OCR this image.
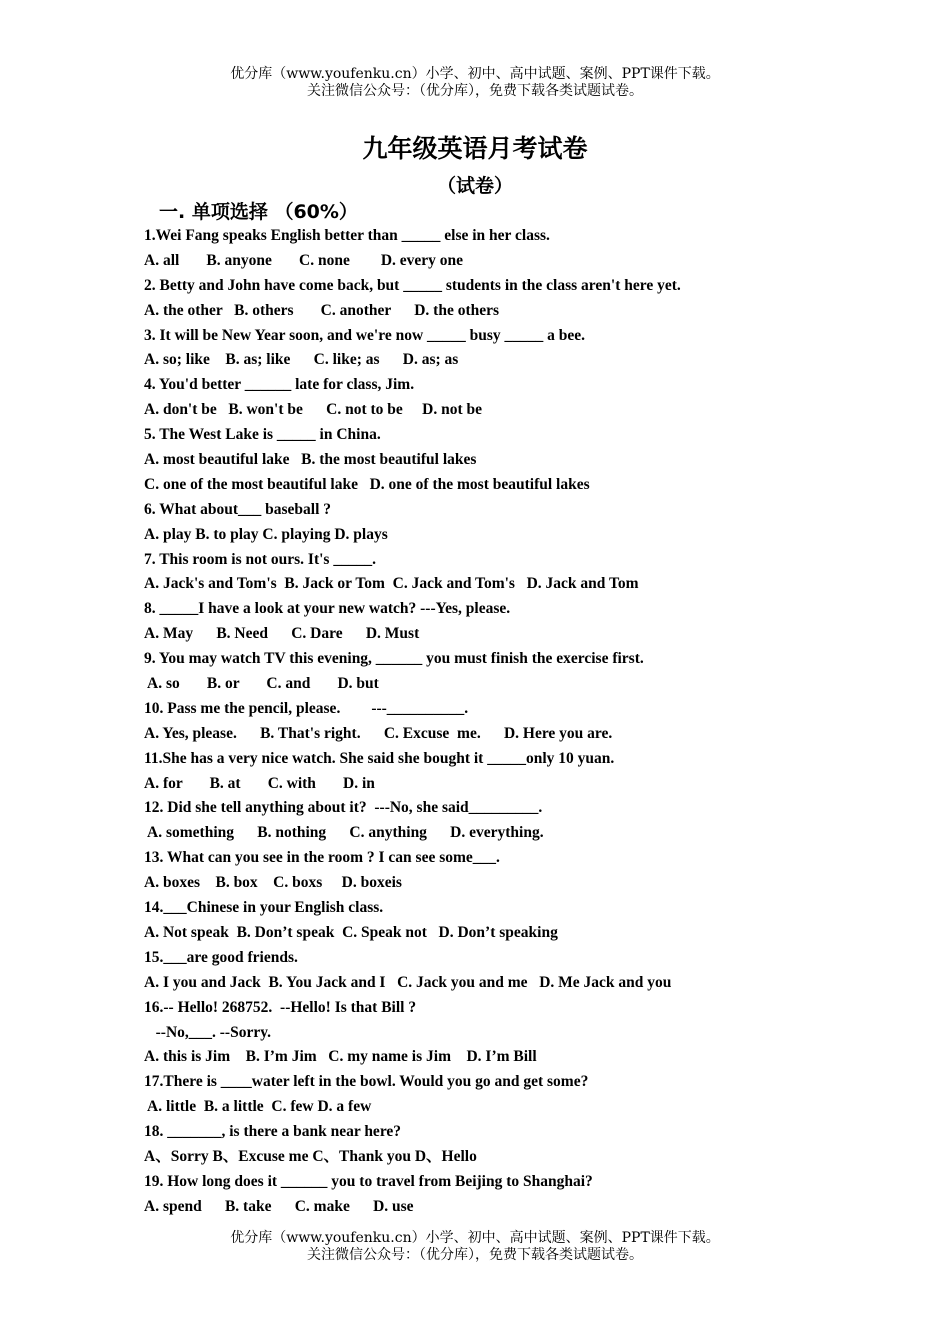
优分库（www.youfenku.cn）小学、初中、高中试题、案例、PPT课件下载。
关注微信公众号：（优分库），免费下载各类试题试卷。
九年级英语月考试卷
（试卷）
一. 单项选择 （60%）
1.Wei Fang speaks English better than _____ else in her class.
A. all       B. anyone       C. none        D. every one
2. Betty and John have come back, but _____ students in the class aren't here yet.
A. the other   B. others       C. another      D. the others
3. It will be New Year soon, and we're now _____ busy _____ a bee.
A. so; like    B. as; like      C. like; as      D. as; as
4. You'd better ______ late for class, Jim.
A. don't be   B. won't be      C. not to be     D. not be
5. The West Lake is _____ in China.
A. most beautiful lake   B. the most beautiful lakes
C. one of the most beautiful lake   D. one of the most beautiful lakes
6. What about___ baseball ?
A. play B. to play C. playing D. plays
7. This room is not ours. It's _____.
A. Jack's and Tom's  B. Jack or Tom  C. Jack and Tom's   D. Jack and Tom
8. _____I have a look at your new watch? ---Yes, please.
A. May      B. Need      C. Dare      D. Must
9. You may watch TV this evening, ______ you must finish the exercise first.
A. so       B. or       C. and       D. but
10. Pass me the pencil, please.        ---__________.
A. Yes, please.      B. That's right.      C. Excuse  me.      D. Here you are.
11.She has a very nice watch. She said she bought it _____only 10 yuan.
A. for       B. at       C. with       D. in
12. Did she tell anything about it?  ---No, she said_________.
A. something      B. nothing      C. anything      D. everything.
13. What can you see in the room ? I can see some___.
A. boxes    B. box    C. boxs     D. boxeis
14.___Chinese in your English class.
A. Not speak  B. Don’t speak  C. Speak not   D. Don’t speaking
15.___are good friends.
A. I you and Jack  B. You Jack and I   C. Jack you and me   D. Me Jack and you
16.-- Hello! 268752.  --Hello! Is that Bill ?
--No,___. --Sorry.
A. this is Jim    B. I’m Jim   C. my name is Jim    D. I’m Bill
17.There is ____water left in the bowl. Would you go and get some?
A. little  B. a little  C. few D. a few
18. _______, is there a bank near here?
A、Sorry B、Excuse me C、Thank you D、Hello
19. How long does it ______ you to travel from Beijing to Shanghai?
A. spend      B. take      C. make      D. use
优分库（www.youfenku.cn）小学、初中、高中试题、案例、PPT课件下载。
关注微信公众号：（优分库），免费下载各类试题试卷。
